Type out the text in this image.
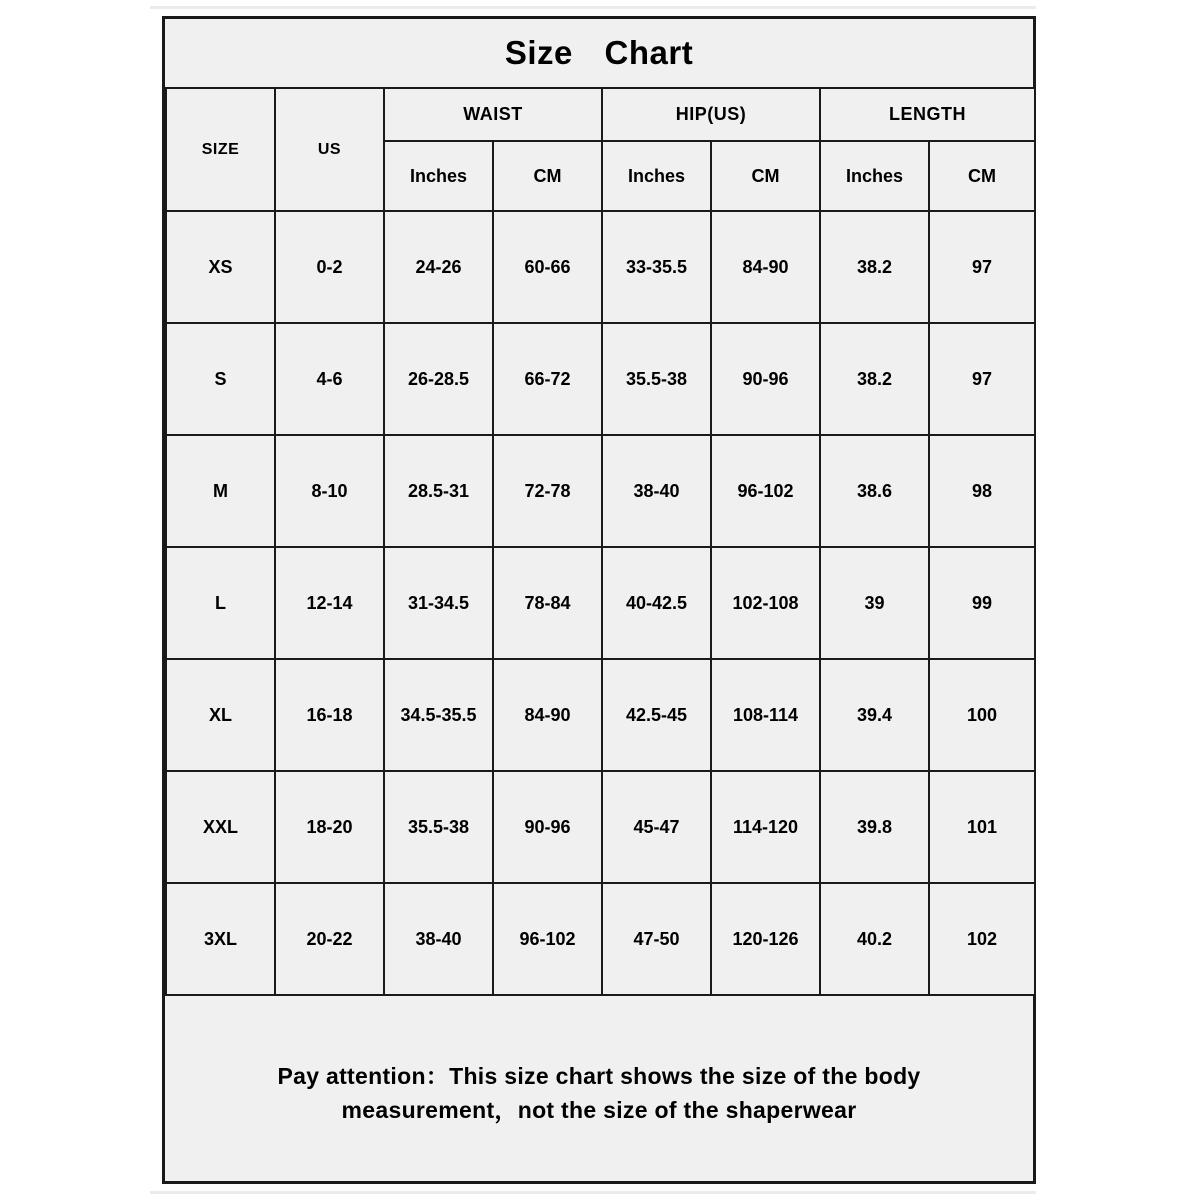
Size Chart
SIZE	US	WAIST		HIP(US)		LENGTH	
		Inches	CM	Inches	CM	Inches	CM
XS	0-2	24-26	60-66	33-35.5	84-90	38.2	97
S	4-6	26-28.5	66-72	35.5-38	90-96	38.2	97
M	8-10	28.5-31	72-78	38-40	96-102	38.6	98
L	12-14	31-34.5	78-84	40-42.5	102-108	39	99
XL	16-18	34.5-35.5	84-90	42.5-45	108-114	39.4	100
XXL	18-20	35.5-38	90-96	45-47	114-120	39.8	101
3XL	20-22	38-40	96-102	47-50	120-126	40.2	102
Pay attention：This size chart shows the size of the body
measurement，not the size of the shaperwear
